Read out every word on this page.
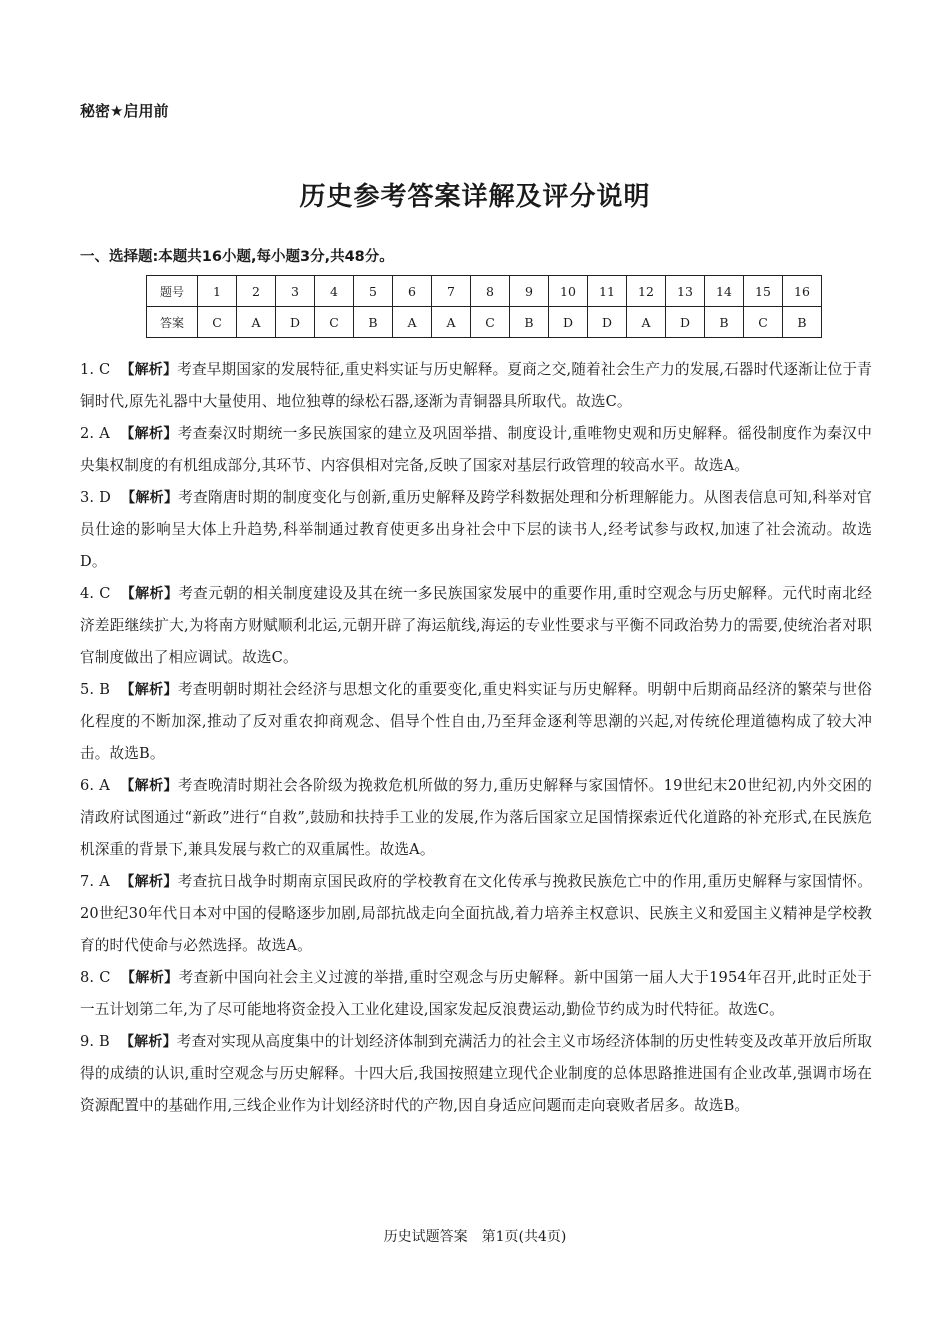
秘密★启用前
历史参考答案详解及评分说明
一、选择题:本题共16小题,每小题3分,共48分。
题号	1	2	3	4	5	6	7	8	9	10	11	12	13	14	15	16
答案	C	A	D	C	B	A	A	C	B	D	D	A	D	B	C	B
1. C 【解析】考查早期国家的发展特征,重史料实证与历史解释。夏商之交,随着社会生产力的发展,石器时代逐渐让位于青铜时代,原先礼器中大量使用、地位独尊的绿松石器,逐渐为青铜器具所取代。故选C。
2. A 【解析】考查秦汉时期统一多民族国家的建立及巩固举措、制度设计,重唯物史观和历史解释。徭役制度作为秦汉中央集权制度的有机组成部分,其环节、内容俱相对完备,反映了国家对基层行政管理的较高水平。故选A。
3. D 【解析】考查隋唐时期的制度变化与创新,重历史解释及跨学科数据处理和分析理解能力。从图表信息可知,科举对官员仕途的影响呈大体上升趋势,科举制通过教育使更多出身社会中下层的读书人,经考试参与政权,加速了社会流动。故选D。
4. C 【解析】考查元朝的相关制度建设及其在统一多民族国家发展中的重要作用,重时空观念与历史解释。元代时南北经济差距继续扩大,为将南方财赋顺利北运,元朝开辟了海运航线,海运的专业性要求与平衡不同政治势力的需要,使统治者对职官制度做出了相应调试。故选C。
5. B 【解析】考查明朝时期社会经济与思想文化的重要变化,重史料实证与历史解释。明朝中后期商品经济的繁荣与世俗化程度的不断加深,推动了反对重农抑商观念、倡导个性自由,乃至拜金逐利等思潮的兴起,对传统伦理道德构成了较大冲击。故选B。
6. A 【解析】考查晚清时期社会各阶级为挽救危机所做的努力,重历史解释与家国情怀。19世纪末20世纪初,内外交困的清政府试图通过“新政”进行“自救”,鼓励和扶持手工业的发展,作为落后国家立足国情探索近代化道路的补充形式,在民族危机深重的背景下,兼具发展与救亡的双重属性。故选A。
7. A 【解析】考查抗日战争时期南京国民政府的学校教育在文化传承与挽救民族危亡中的作用,重历史解释与家国情怀。20世纪30年代日本对中国的侵略逐步加剧,局部抗战走向全面抗战,着力培养主权意识、民族主义和爱国主义精神是学校教育的时代使命与必然选择。故选A。
8. C 【解析】考查新中国向社会主义过渡的举措,重时空观念与历史解释。新中国第一届人大于1954年召开,此时正处于一五计划第二年,为了尽可能地将资金投入工业化建设,国家发起反浪费运动,勤俭节约成为时代特征。故选C。
9. B 【解析】考查对实现从高度集中的计划经济体制到充满活力的社会主义市场经济体制的历史性转变及改革开放后所取得的成绩的认识,重时空观念与历史解释。十四大后,我国按照建立现代企业制度的总体思路推进国有企业改革,强调市场在资源配置中的基础作用,三线企业作为计划经济时代的产物,因自身适应问题而走向衰败者居多。故选B。
历史试题答案　第1页(共4页)
